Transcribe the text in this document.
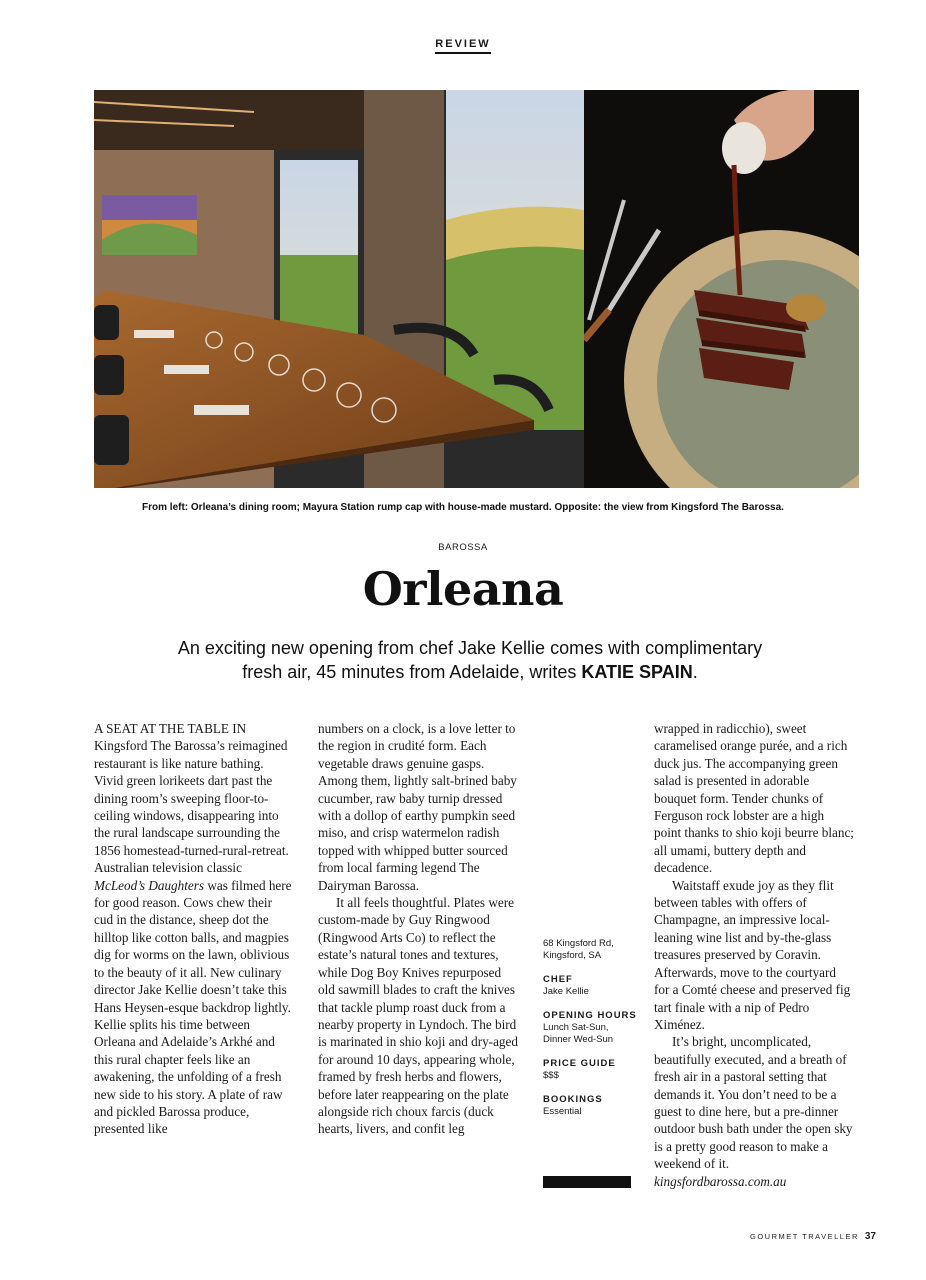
REVIEW
From left: Orleana’s dining room; Mayura Station rump cap with house-made mustard. Opposite: the view from Kingsford The Barossa.
BAROSSA
Orleana
An exciting new opening from chef Jake Kellie comes with complimentary
fresh air, 45 minutes from Adelaide, writes KATIE SPAIN.

A SEAT AT THE TABLE IN Kingsford The Barossa’s reimagined restaurant is like nature bathing. Vivid green lorikeets dart past the dining room’s sweeping floor-to-ceiling windows, disappearing into the rural landscape surrounding the 1856 homestead-turned-rural-retreat. Australian television classic McLeod’s Daughters was filmed here for good reason. Cows chew their cud in the distance, sheep dot the hilltop like cotton balls, and magpies dig for worms on the lawn, oblivious to the beauty of it all. New culinary director Jake Kellie doesn’t take this Hans Heysen-esque backdrop lightly. Kellie splits his time between Orleana and Adelaide’s Arkhé and this rural chapter feels like an awakening, the unfolding of a fresh new side to his story. A plate of raw and pickled Barossa produce, presented like

numbers on a clock, is a love letter to the region in crudité form. Each vegetable draws genuine gasps. Among them, lightly salt-brined baby cucumber, raw baby turnip dressed with a dollop of earthy pumpkin seed miso, and crisp watermelon radish topped with whipped butter sourced from local farming legend The Dairyman Barossa.

It all feels thoughtful. Plates were custom-made by Guy Ringwood (Ringwood Arts Co) to reflect the estate’s natural tones and textures, while Dog Boy Knives repurposed old sawmill blades to craft the knives that tackle plump roast duck from a nearby property in Lyndoch. The bird is marinated in shio koji and dry-aged for around 10 days, appearing whole, framed by fresh herbs and flowers, before later reappearing on the plate alongside rich choux farcis (duck hearts, livers, and confit leg

68 Kingsford Rd, Kingsford, SA
CHEF
Jake Kellie
OPENING HOURS
Lunch Sat-Sun,
Dinner Wed-Sun
PRICE GUIDE
$$$
BOOKINGS
Essential

wrapped in radicchio), sweet caramelised orange purée, and a rich duck jus. The accompanying green salad is presented in adorable bouquet form. Tender chunks of Ferguson rock lobster are a high point thanks to shio koji beurre blanc; all umami, buttery depth and decadence.

Waitstaff exude joy as they flit between tables with offers of Champagne, an impressive local-leaning wine list and by-the-glass treasures preserved by Coravin. Afterwards, move to the courtyard for a Comté cheese and preserved fig tart finale with a nip of Pedro Ximénez.

It’s bright, uncomplicated, beautifully executed, and a breath of fresh air in a pastoral setting that demands it. You don’t need to be a guest to dine here, but a pre-dinner outdoor bush bath under the open sky is a pretty good reason to make a weekend of it. kingsfordbarossa.com.au

GOURMET TRAVELLER 37
